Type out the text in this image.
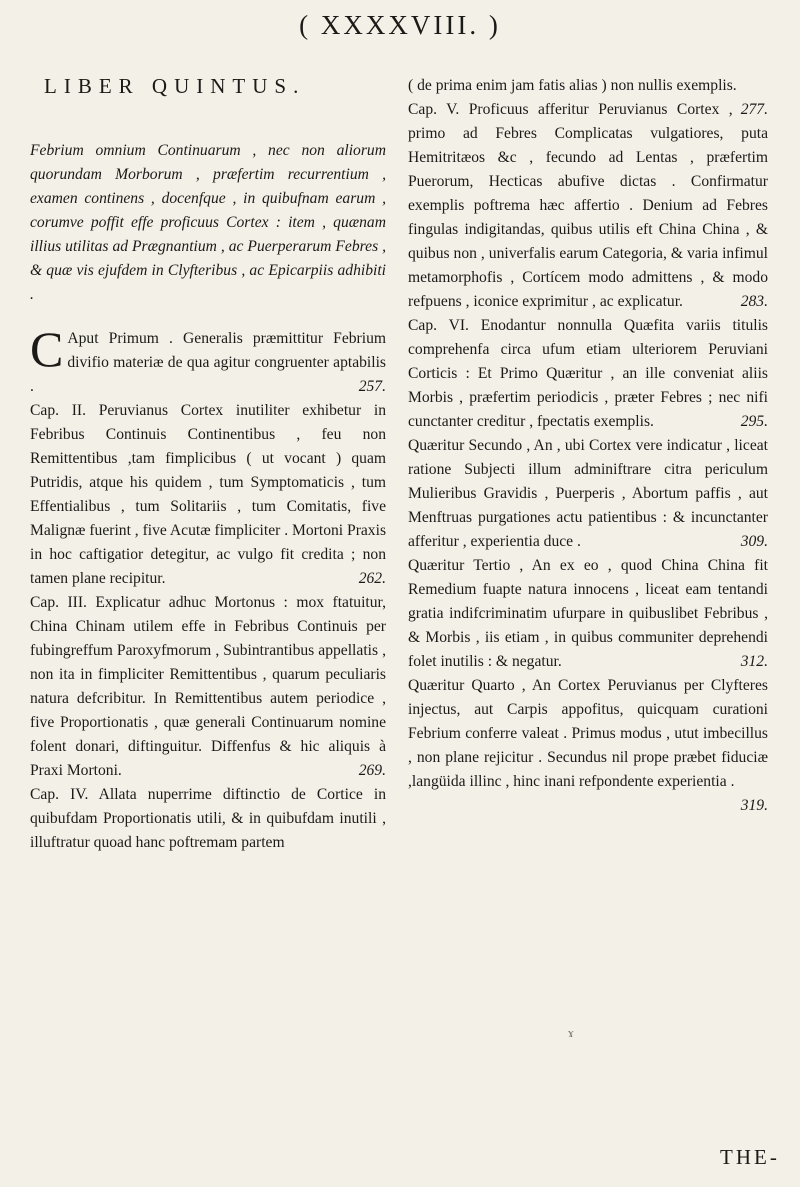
( XXXXVIII. )
LIBER QUINTUS.

Febrium omnium Continuarum , nec non aliorum quorundam Morborum , præfertim recurrentium , examen continens , docenfque , in quibufnam earum , corumve poffit effe proficuus Cortex : item , quænam illius utilitas ad Prægnantium , ac Puerperarum Febres , & quæ vis ejufdem in Clyfteribus , ac Epicarpiis adhibiti .

C Aput Primum . Generalis præmittitur Febrium divifio materiæ de qua agitur congruenter aptabilis .	257.

Cap. II. Peruvianus Cortex inutiliter exhibetur in Febribus Continuis Continentibus , feu non Remittentibus ,tam fimplicibus ( ut vocant ) quam Putridis, atque his quidem , tum Symptomaticis , tum Effentialibus , tum Solitariis , tum Comitatis, five Malignæ fuerint , five Acutæ fimpliciter . Mortoni Praxis in hoc caftigatior detegitur, ac vulgo fit credita ; non tamen plane recipitur.	262.

Cap. III. Explicatur adhuc Mortonus : mox ftatuitur, China Chinam utilem effe in Febribus Continuis per fubingreffum Paroxyfmorum , Subintrantibus appellatis , non ita in fimpliciter Remittentibus , quarum peculiaris natura defcribitur. In Remittentibus autem periodice , five Proportionatis , quæ generali Continuarum nomine folent donari, diftinguitur. Diffenfus & hic aliquis à Praxi Mortoni.	269.

Cap. IV. Allata nuperrime diftinctio de Cortice in quibufdam Proportionatis utili, & in quibufdam inutili , illuftratur quoad hanc poftremam partem

( de prima enim jam fatis alias ) non nullis exemplis.
277.

Cap. V. Proficuus afferitur Peruvianus Cortex , primo ad Febres Complicatas vulgatiores, puta Hemitritæos &c , fecundo ad Lentas , præfertim Puerorum, Hecticas abufive dictas . Confirmatur exemplis poftrema hæc affertio . Denium ad Febres fingulas indigitandas, quibus utilis eft China China , & quibus non , univerfalis earum Categoria, & varia infimul metamorphofis , Cortícem modo admittens , & modo refpuens , iconice exprimitur , ac explicatur.	283.

Cap. VI. Enodantur nonnulla Quæfita variis titulis comprehenfa circa ufum etiam ulteriorem Peruviani Corticis : Et Primo Quæritur , an ille conveniat aliis Morbis , præfertim periodicis , præter Febres ; nec nifi cunctanter creditur , fpectatis exemplis.	295.

Quæritur Secundo , An , ubi Cortex vere indicatur , liceat ratione Subjecti illum adminiftrare citra periculum Mulieribus Gravidis , Puerperis , Abortum paffis , aut Menftruas purgationes actu patientibus : & incunctanter afferitur , experientia duce .	309.

Quæritur Tertio , An ex eo , quod China China fit Remedium fuapte natura innocens , liceat eam tentandi gratia indifcriminatim ufurpare in quibuslibet Febribus , & Morbis , iis etiam , in quibus communiter deprehendi folet inutilis : & negatur.	312.

Quæritur Quarto , An Cortex Peruvianus per Clyfteres injectus, aut Carpis appofitus, quicquam curationi Febrium conferre valeat . Primus modus , utut imbecillus , non plane rejicitur . Secundus nil prope præbet fiduciæ ,langüida illinc , hinc inani refpondente experientia .
319.

ɤ
THE-
